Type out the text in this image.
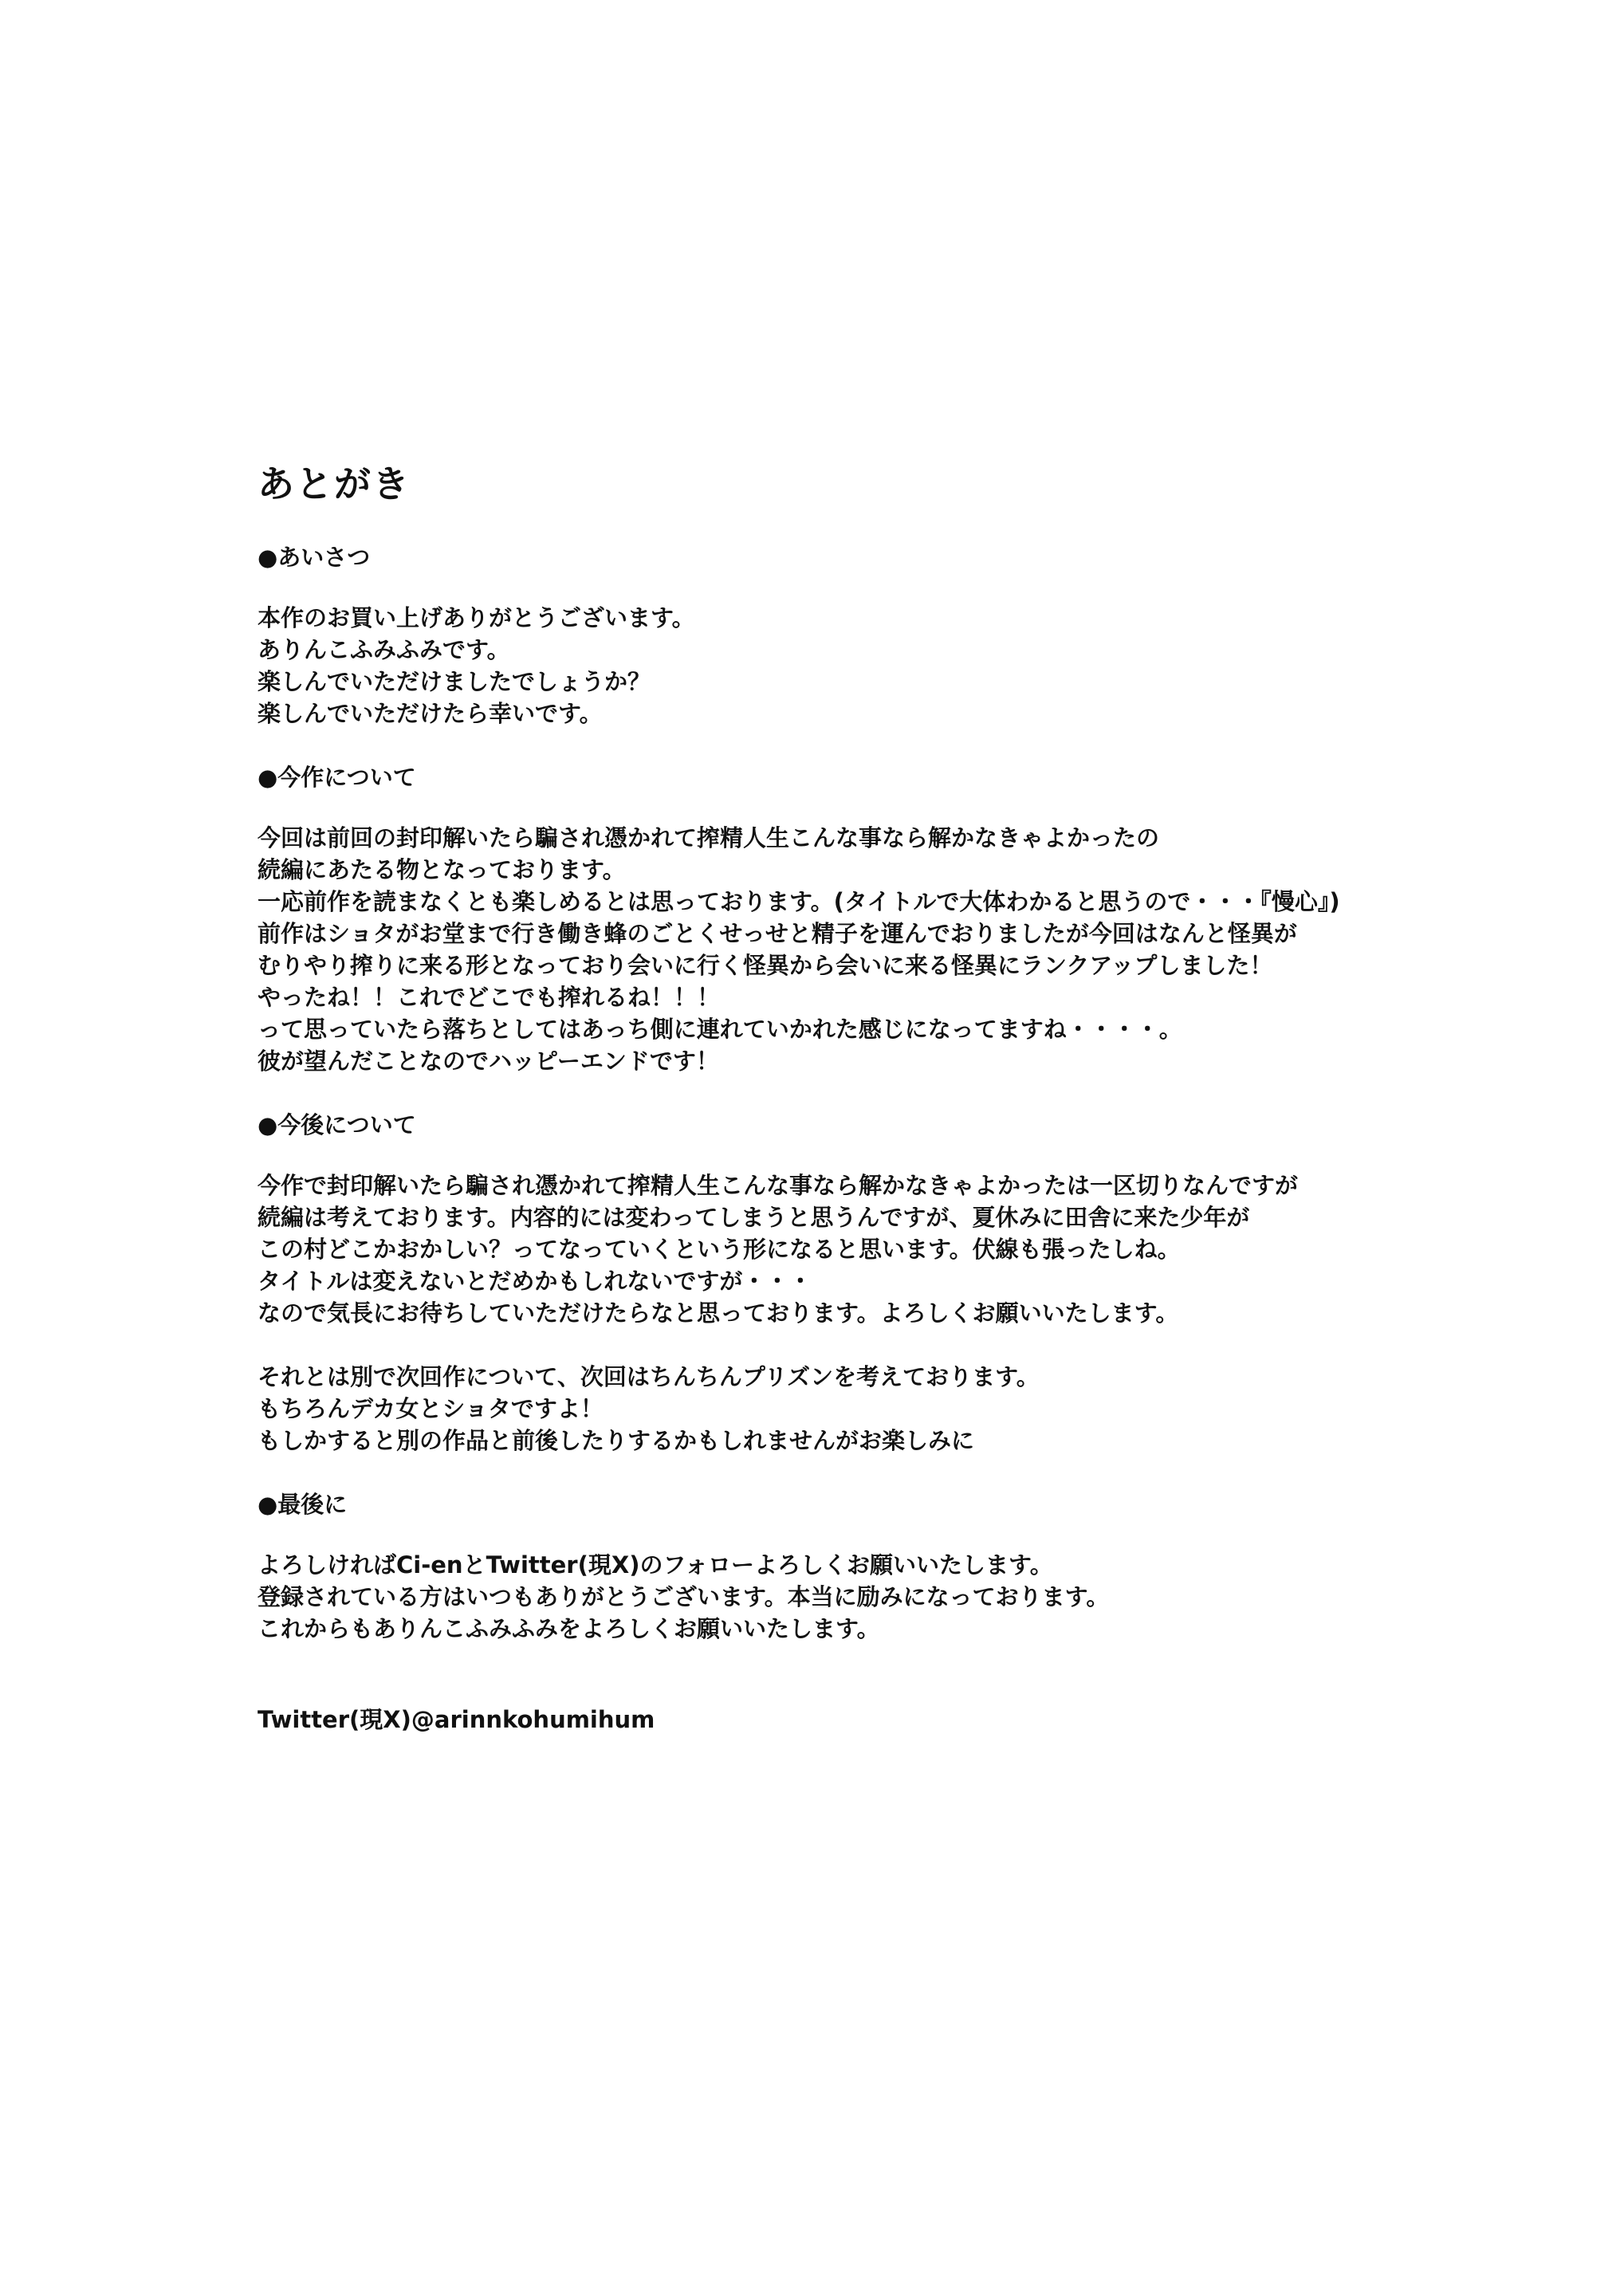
あとがき
●あいさつ
本作のお買い上げありがとうございます。
ありんこふみふみです。
楽しんでいただけましたでしょうか？
楽しんでいただけたら幸いです。
●今作について
今回は前回の封印解いたら騙され憑かれて搾精人生こんな事なら解かなきゃよかったの
続編にあたる物となっております。
一応前作を読まなくとも楽しめるとは思っております。(タイトルで大体わかると思うので・・・『慢心』)
前作はショタがお堂まで行き働き蜂のごとくせっせと精子を運んでおりましたが今回はなんと怪異が
むりやり搾りに来る形となっており会いに行く怪異から会いに来る怪異にランクアップしました！
やったね！！これでどこでも搾れるね！！！
って思っていたら落ちとしてはあっち側に連れていかれた感じになってますね・・・・。
彼が望んだことなのでハッピーエンドです！
●今後について
今作で封印解いたら騙され憑かれて搾精人生こんな事なら解かなきゃよかったは一区切りなんですが
続編は考えております。内容的には変わってしまうと思うんですが、夏休みに田舎に来た少年が
この村どこかおかしい？ってなっていくという形になると思います。伏線も張ったしね。
タイトルは変えないとだめかもしれないですが・・・
なので気長にお待ちしていただけたらなと思っております。よろしくお願いいたします。
それとは別で次回作について、次回はちんちんプリズンを考えております。
もちろんデカ女とショタですよ！
もしかすると別の作品と前後したりするかもしれませんがお楽しみに
●最後に
よろしければCi-enとTwitter(現X)のフォローよろしくお願いいたします。
登録されている方はいつもありがとうございます。本当に励みになっております。
これからもありんこふみふみをよろしくお願いいたします。
Twitter(現X)@arinnkohumihum
